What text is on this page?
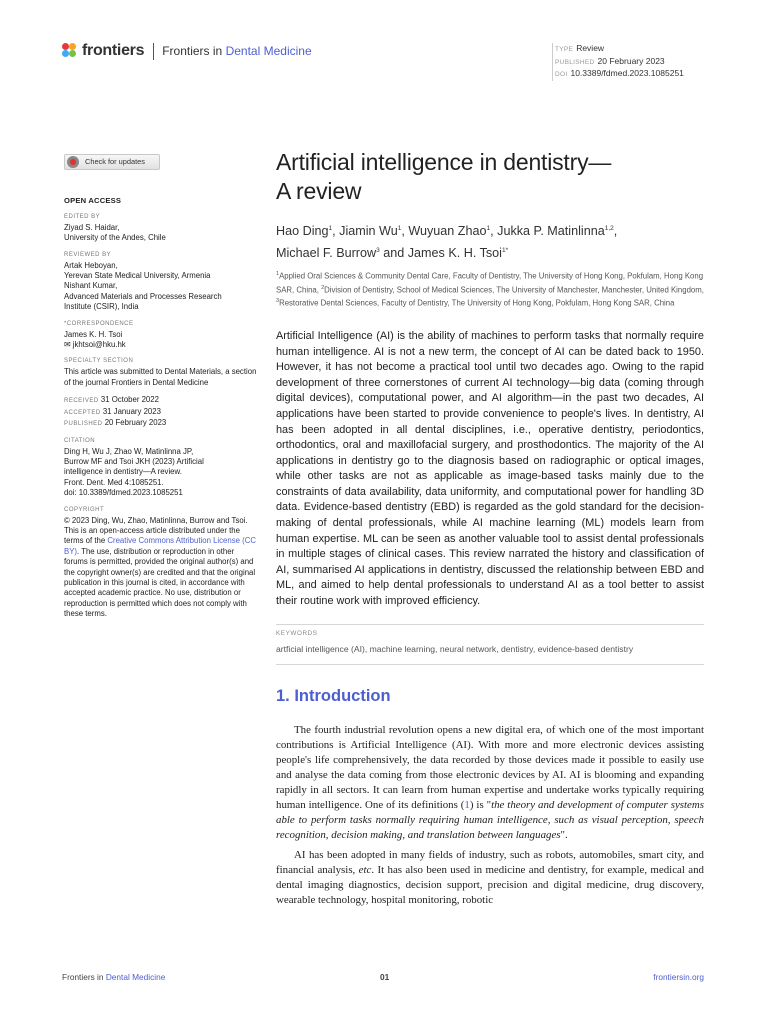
frontiers Frontiers in Dental Medicine	TYPE Review
PUBLISHED 20 February 2023
DOI 10.3389/fdmed.2023.1085251
Check for updates
OPEN ACCESS
EDITED BY
Ziyad S. Haidar,
University of the Andes, Chile
REVIEWED BY
Artak Heboyan,
Yerevan State Medical University, Armenia
Nishant Kumar,
Advanced Materials and Processes Research
Institute (CSIR), India
*CORRESPONDENCE
James K. H. Tsoi
✉ jkhtsoi@hku.hk
SPECIALTY SECTION
This article was submitted to Dental Materials, a section of the journal Frontiers in Dental Medicine
RECEIVED 31 October 2022
ACCEPTED 31 January 2023
PUBLISHED 20 February 2023
CITATION
Ding H, Wu J, Zhao W, Matinlinna JP,
Burrow MF and Tsoi JKH (2023) Artificial
intelligence in dentistry—A review.
Front. Dent. Med 4:1085251.
doi: 10.3389/fdmed.2023.1085251
COPYRIGHT
© 2023 Ding, Wu, Zhao, Matinlinna, Burrow and Tsoi. This is an open-access article distributed under the terms of the Creative Commons Attribution License (CC BY). The use, distribution or reproduction in other forums is permitted, provided the original author(s) and the copyright owner(s) are credited and that the original publication in this journal is cited, in accordance with accepted academic practice. No use, distribution or reproduction is permitted which does not comply with these terms.
Artificial intelligence in dentistry—
A review
Hao Ding$^1$, Jiamin Wu$^1$, Wuyuan Zhao$^1$, Jukka P. Matinlinna$^{1,2}$,
Michael F. Burrow$^3$ and James K. H. Tsoi$^{1*}$
$^1$Applied Oral Sciences & Community Dental Care, Faculty of Dentistry, The University of Hong Kong, Pokfulam, Hong Kong SAR, China, $^2$Division of Dentistry, School of Medical Sciences, The University of Manchester, Manchester, United Kingdom, $^3$Restorative Dental Sciences, Faculty of Dentistry, The University of Hong Kong, Pokfulam, Hong Kong SAR, China
Artificial Intelligence (AI) is the ability of machines to perform tasks that normally require human intelligence. AI is not a new term, the concept of AI can be dated back to 1950. However, it has not become a practical tool until two decades ago. Owing to the rapid development of three cornerstones of current AI technology—big data (coming through digital devices), computational power, and AI algorithm—in the past two decades, AI applications have been started to provide convenience to people's lives. In dentistry, AI has been adopted in all dental disciplines, i.e., operative dentistry, periodontics, orthodontics, oral and maxillofacial surgery, and prosthodontics. The majority of the AI applications in dentistry go to the diagnosis based on radiographic or optical images, while other tasks are not as applicable as image-based tasks mainly due to the constraints of data availability, data uniformity, and computational power for handling 3D data. Evidence-based dentistry (EBD) is regarded as the gold standard for the decision-making of dental professionals, while AI machine learning (ML) models learn from human expertise. ML can be seen as another valuable tool to assist dental professionals in multiple stages of clinical cases. This review narrated the history and classification of AI, summarised AI applications in dentistry, discussed the relationship between EBD and ML, and aimed to help dental professionals to understand AI as a tool better to assist their routine work with improved efficiency.
KEYWORDS
artficial intelligence (AI), machine learning, neural network, dentistry, evidence-based dentistry
1. Introduction

The fourth industrial revolution opens a new digital era, of which one of the most important contributions is Artificial Intelligence (AI). With more and more electronic devices assisting people's life comprehensively, the data recorded by those devices made it possible to easily use and analyse the data coming from those electronic devices by AI. AI is blooming and expanding rapidly in all sectors. It can learn from human expertise and undertake works typically requiring human intelligence. One of its definitions (1) is "the theory and development of computer systems able to perform tasks normally requiring human intelligence, such as visual perception, speech recognition, decision making, and translation between languages".

AI has been adopted in many fields of industry, such as robots, automobiles, smart city, and financial analysis, etc. It has also been used in medicine and dentistry, for example, medical and dental imaging diagnostics, decision support, precision and digital medicine, drug discovery, wearable technology, hospital monitoring, robotic

Frontiers in Dental Medicine	01	frontiersin.org
